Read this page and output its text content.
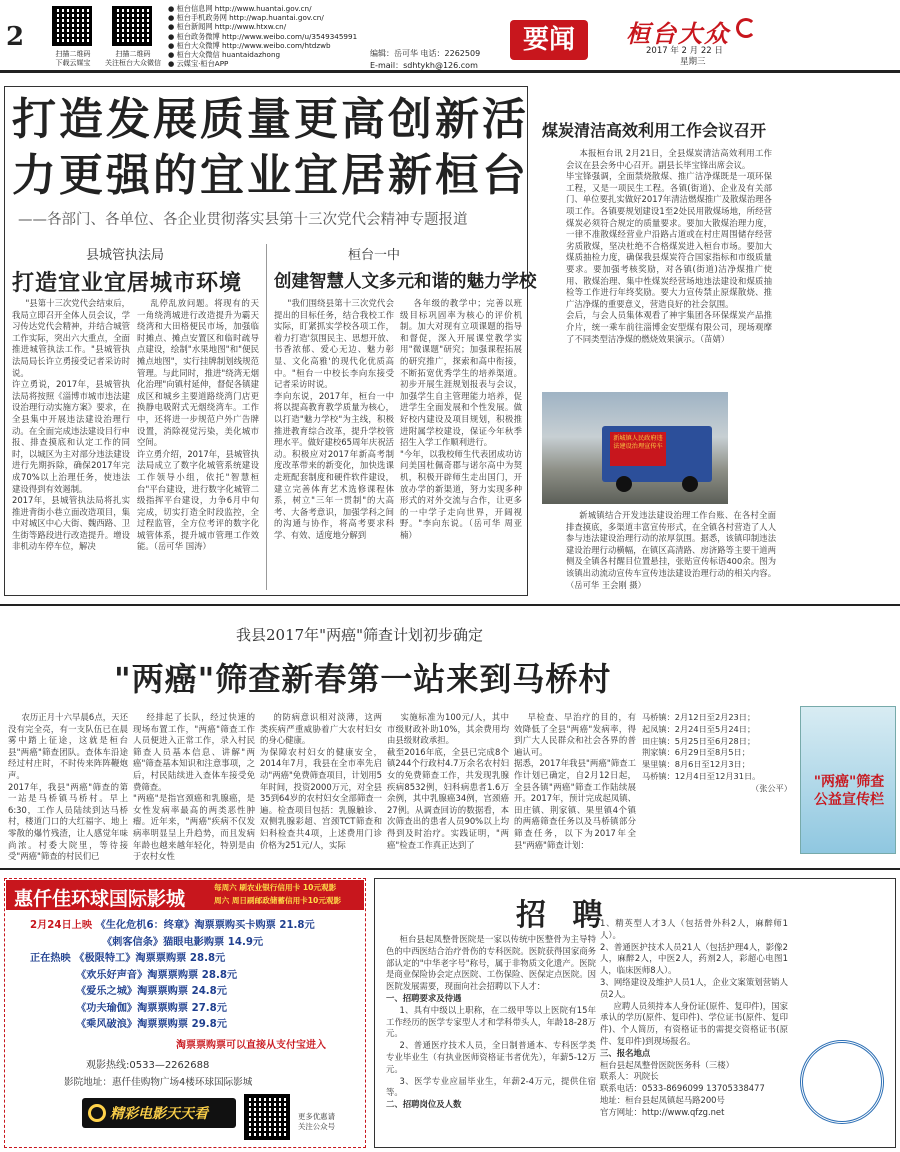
2
扫描二维码
下载云媒宝
扫描二维码
关注桓台大众微信
● 桓台信息网 http://www.huantai.gov.cn/
● 桓台手机政务网 http://wap.huantai.gov.cn/
● 桓台新闻网 http://www.htxw.cn/
● 桓台政务微博 http://www.weibo.com/u/3549345991
● 桓台大众微博 http://www.weibo.com/htdzwb
● 桓台大众微信 huantaidazhong
● 云媒宝·桓台APP
编辑：岳可华 电话：2262509
E-mail：sdhtykh@126.com
要闻	桓台大众
2017 年 2 月 22 日
星期三
打造发展质量更高创新活
力更强的宜业宜居新桓台
——各部门、各单位、各企业贯彻落实县第十三次党代会精神专题报道
县城管执法局
打造宜业宜居城市环境

"县第十三次党代会结束后，我局立即召开全体人员会议，学习传达党代会精神，并结合城管工作实际，突出六大重点，全面推进城管执法工作。"县城管执法局局长许立勇接受记者采访时说。
许立勇说，2017年，县城管执法局将按照《淄博市城市违法建设治理行动实施方案》要求，在全县集中开展违法建设治理行动。在全面完成违法建设目行申报、排查摸底和认定工作的同时，以城区为主对部分违法建设进行先期拆除，确保2017年完成70%以上治理任务，使违法建设得到有效遏制。
2017年，县城管执法局将扎实推进背街小巷立面改造项目，集中对城区中心大街、魏西路、卫生街等路段进行改造提升。增设非机动车停车位，解决

乱停乱放问题。将现有的天一角绕湾城进行改造提升为霸天绕湾和大田格便民市场，加强临时摊点、摊点安置区和临时疏导点建设，绘制"水果地图"和"便民摊点地图"，实行挂牌制划线规范管理。与此同时，推进"绕湾无烟化治理"向镇村延伸，督促各镇建成区和城乡主要道路绕湾门店更换静电吸附式无烟绕湾车。工作中，还将进一步规范户外广告牌设置，消除视觉污染，美化城市空间。
许立勇介绍，2017年，县城管执法局成立了数字化城管系统建设工作领导小组，依托"智慧桓台"平台建设，进行数字化城管二级指挥平台建设，力争6月中旬完成，切实打造全时段监控，全过程监管，全方位考评的数字化城管体系，提升城市管理工作效能。（岳可华 国涛）

桓台一中
创建智慧人文多元和谐的魅力学校

"我们围绕县第十三次党代会提出的目标任务，结合我校工作实际，盯紧抓实学校各项工作，着力打造'氛围民主、思想开放、书香浓郁、爱心无边、魅力彰显、文化高雅'的现代化优质高中。"桓台一中校长李向东接受记者采访时说。
李向东说，2017年，桓台一中将以提高教育教学质量为核心，以打造"魅力学校"为主线，积极推进教育综合改革，提升学校管理水平。做好建校65周年庆祝活动。积极应对2017年新高考制度改革带来的新变化，加快选课走班配套制度和硬件软件建设，建立完善体育艺术选修课程体系，树立"三年一贯制"的大高考、大备考意识，加强学科之间的沟通与协作，将高考要求科学、有效、适度地分解到

各年级的教学中；完善以班级目标巩固率为核心的评价机制。加大对现有立项课题的指导和督促，深入开展课堂教学实用"微课题"研究；加强课程拓展的研究推广，探索和高中衔接，不断拓宽优秀学生的培养渠道。初步开展生涯规划报表与会议，加强学生自主管理能力培养，促进学生全面发展和个性发展。做好校内建设及项目规划，积极推进附属学校建设，保证今年秋季招生入学工作顺利进行。
"今年，以我校师生代表团成功访问美国杜佩奇郡与诺尔高中为契机，积极开辟师生走出国门，开放办学的新渠道，努力实现多种形式的对外交流与合作，让更多的一中学子走向世界，开阔视野。"李向东说。（岳可华 周亚楠）

煤炭清洁高效利用工作会议召开

本报桓台讯 2月21日，全县煤炭清洁高效利用工作会议在县会务中心召开。副县长毕宝锋出席会议。
毕宝锋强调，全面禁烧散煤、推广洁净煤既是一项环保工程，又是一项民生工程。各镇(街道)、企业及有关部门、单位要扎实做好2017年清洁燃煤推广及散煤治理各项工作。各镇要规划建设1至2处民用散煤场地，所经营煤炭必须符合规定的质量要求。要加大散煤治理力度，一律不准散煤经营业户沿路占道或在村庄周围储存经营劣质散煤，坚决杜绝不合格煤炭进入桓台市场。要加大煤质抽检力度，确保我县煤炭符合国家指标和市级质量要求。要加强考核奖励，对各镇(街道)洁净煤推广使用、散煤治理、集中性煤炭经营场地违法建设和煤质抽检等工作进行年终奖励。要大力宣传禁止原煤散烧、推广洁净煤的重要意义，营造良好的社会氛围。
会后，与会人员集体观看了神宇集团各环保煤炭产品推介片，统一乘车前往淄博金安型煤有限公司，现场观摩了不同类型洁净煤的燃烧效果演示。（苗婧）

新城镇人民政府违法建设治理宣传车
新城镇结合开发违法建设治理工作台账、在各村全面排查摸底，多渠道丰富宣传形式，在全镇各村营造了人人参与违法建设治理行动的浓厚氛围。据悉，该镇印制违法建设治理行动横幅，在镇区高清路、房济路等主要干道两侧及全镇各村醒目位置悬挂，张贴宣传标语400余。图为该镇出动流动宣传车宣传违法建设治理行动的相关内容。（岳可华 王会刚 摄）
我县2017年"两癌"筛查计划初步确定
"两癌"筛查新春第一站来到马桥村

农历正月十六早晨6点，天还没有完全亮，有一支队伍已在晨雾中踏上征途，这就是桓台县"两癌"筛查团队。查体车沿途经过村庄时，不时传来阵阵鞭炮声。
2017年，我县"两癌"筛查的第一站是马桥镇马桥村。早上6:30，工作人员陆续到达马桥村，楼道门口的大红福字、地上零散的爆竹残渣，让人感觉年味尚浓。村委大院里，等待接受"两癌"筛查的村民们已

经排起了长队，经过快速的现场布置工作，"两癌"筛查工作人员便进入正常工作，录入村民筛查人员基本信息、讲解"两癌"筛查基本知识和注意事项，之后，村民陆续进入查体车接受免费筛查。
"两癌"是指宫颈癌和乳腺癌，是女性发病率最高的两类恶性肿瘤。近年来，"两癌"疾病不仅发病率明显呈上升趋势，而且发病年龄也越来越年轻化，特别是由于农村女性

的防病意识相对淡薄，这两类疾病严重威胁着广大农村妇女的身心健康。
为保障农村妇女的健康安全，2014年7月，我县在全市率先启动"两癌"免费筛查项目，计划用5年时间，投资2000万元，对全县35到64岁的农村妇女全部筛查一遍。检查项目包括：乳腺触诊、双侧乳腺彩超、宫颈TCT筛查和妇科检查共4项，上述费用门诊价格为251元/人，实际

实施标准为100元/人，其中市级财政补助10%，其余费用均由县级财政承担。
截至2016年底，全县已完成8个镇244个行政村4.7万余名农村妇女的免费筛查工作，共发现乳腺疾病8532例，妇科病患者1.6万余例，其中乳腺癌34例，宫颈癌27例。从调查回访的数据看，本次筛查出的患者人员90%以上均得到及时治疗。实践证明，"两癌"检查工作真正达到了

早检查、早治疗的目的，有效降低了全县"两癌"发病率，得到广大人民群众和社会各界的普遍认可。
据悉，2017年我县"两癌"筛查工作计划已确定，自2月12日起，全县各镇"两癌"筛查工作陆续展开。2017年，预计完成起凤镇、田庄镇、荆家镇、果里镇4个镇的两癌筛查任务以及马桥镇部分筛查任务，以下为2017年全县"两癌"筛查计划：

马桥镇：2月12日至2月23日；
起凤镇：2月24日至5月24日；
田庄镇：5月25日至6月28日；
荆家镇：6月29日至8月5日；
果里镇：8月6日至12月3日；
马桥镇：12月4日至12月31日。
（张公平）	"两癌"筛查
公益宣传栏
惠仟佳环球国际影城
每周六 刷农业银行信用卡 10元观影
周六 周日刷邮政储蓄信用卡10元观影
2月24日上映 《生化危机6：终章》淘票票购买卡购票 21.8元
《刺客信条》猫眼电影购票 14.9元
正在热映 《极限特工》淘票票购票 28.8元
《欢乐好声音》淘票票购票 28.8元
《爱乐之城》淘票票购票 24.8元
《功夫瑜伽》淘票票购票 27.8元
《乘风破浪》淘票票购票 29.8元
淘票票购票可以直接从支付宝进入
观影热线:0533—2262688
影院地址：惠仟佳购物广场4楼环球国际影城
精彩电影天天看	更多优惠请
关注公众号
招 聘

桓台县起凤整骨医院是一家以传统中医整骨为主导特色的中西医结合治疗骨伤的专科医院。医院获得国家商务部认定的"中华老字号"称号，属于非物质文化遗产。医院是商业保险协会定点医院、工伤保险、医保定点医院。因医院发展需要，现面向社会招聘以下人才：

一、招聘要求及待遇

1、具有中级以上职称，在二级甲等以上医院有15年工作经历的医学专家型人才和学科带头人，年龄18-28万元。

2、普通医疗技术人员，全日制普通本、专科医学类专业毕业生（有执业医师资格证书者优先），年薪5-12万元。

3、医学专业应届毕业生，年薪2-4万元，提供住宿等。

二、招聘岗位及人数

1、精英型人才3人（包括骨外科2人，麻醉师1人）。

2、普通医护技术人员21人（包括护理4人，影像2人，麻醉2人，中医2人，药剂2人，彩超心电图1人，临床医师8人）。

3、网络建设及维护人员1人，企业文案策划营销人员2人。

应聘人员须持本人身份证(原件、复印件)，国家承认的学历(原件、复印件)、学位证书(原件、复印件)、个人简历，有资格证书的需提交资格证书(原件、复印件)到现场报名。

三、报名地点

桓台县起凤整骨医院医务科（三楼）

联系人：巩院长

联系电话：0533-8696099 13705338477

地址：桓台县起凤镇起马路200号

官方网址：http://www.qfzg.net
